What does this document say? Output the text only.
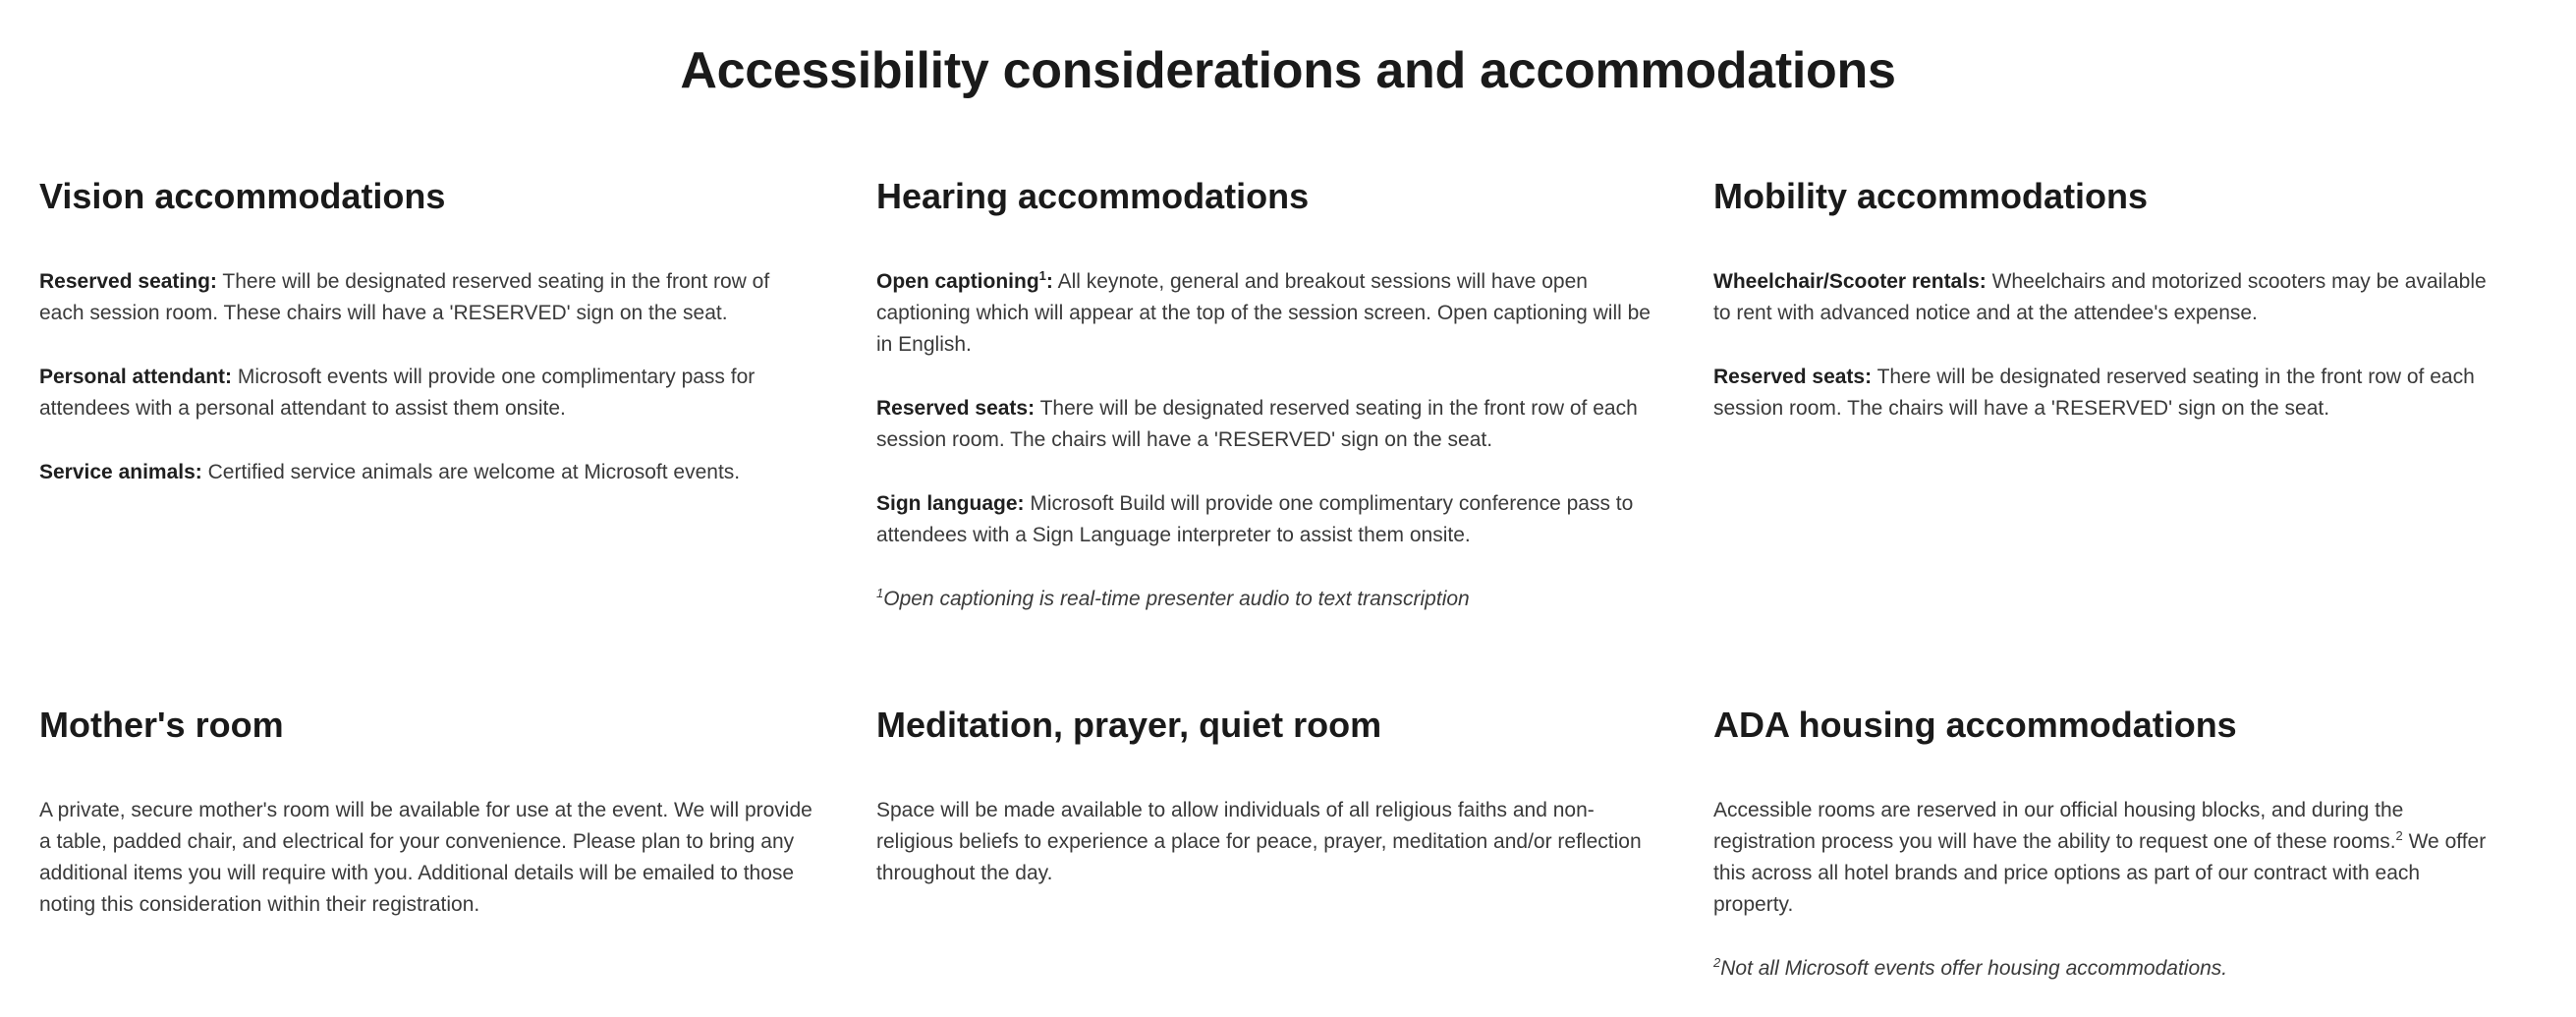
Accessibility considerations and accommodations
Vision accommodations

Reserved seating: There will be designated reserved seating in the front row of each session room. These chairs will have a 'RESERVED' sign on the seat.

Personal attendant: Microsoft events will provide one complimentary pass for attendees with a personal attendant to assist them onsite.

Service animals: Certified service animals are welcome at Microsoft events.

Hearing accommodations

Open captioning$^1$: All keynote, general and breakout sessions will have open captioning which will appear at the top of the session screen. Open captioning will be in English.

Reserved seats: There will be designated reserved seating in the front row of each session room. The chairs will have a 'RESERVED' sign on the seat.

Sign language: Microsoft Build will provide one complimentary conference pass to attendees with a Sign Language interpreter to assist them onsite.

$^1$Open captioning is real-time presenter audio to text transcription

Mobility accommodations

Wheelchair/Scooter rentals: Wheelchairs and motorized scooters may be available to rent with advanced notice and at the attendee's expense.

Reserved seats: There will be designated reserved seating in the front row of each session room. The chairs will have a 'RESERVED' sign on the seat.

Mother's room

A private, secure mother's room will be available for use at the event. We will provide a table, padded chair, and electrical for your convenience. Please plan to bring any additional items you will require with you. Additional details will be emailed to those noting this consideration within their registration.

Meditation, prayer, quiet room

Space will be made available to allow individuals of all religious faiths and non-religious beliefs to experience a place for peace, prayer, meditation and/or reflection throughout the day.

ADA housing accommodations

Accessible rooms are reserved in our official housing blocks, and during the registration process you will have the ability to request one of these rooms.$^2$ We offer this across all hotel brands and price options as part of our contract with each property.

$^2$Not all Microsoft events offer housing accommodations.
